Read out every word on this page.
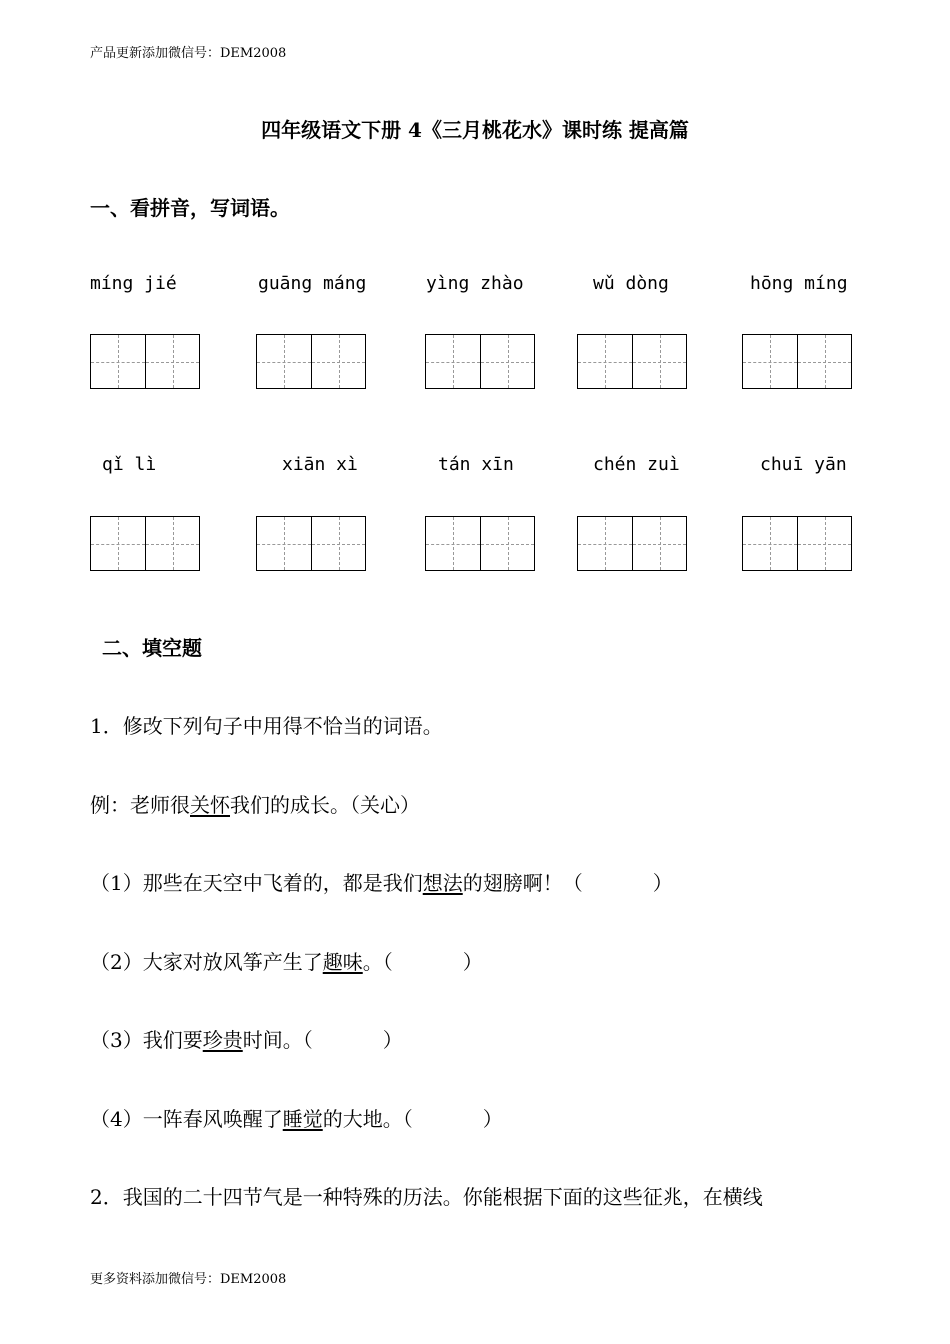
产品更新添加微信号：DEM2008
四年级语文下册 4《三月桃花水》课时练 提高篇
一、看拼音，写词语。
míng jié	guāng máng	yìng zhào	wǔ dòng	hōng míng
qǐ lì	xiān xì	tán xīn	chén zuì	chuī yān
二、填空题
1．修改下列句子中用得不恰当的词语。
例：老师很关怀我们的成长。（关心）
（1）那些在天空中飞着的，都是我们想法的翅膀啊！（	）
（2）大家对放风筝产生了趣味。（	）
（3）我们要珍贵时间。（	）
（4）一阵春风唤醒了睡觉的大地。（	）
2．我国的二十四节气是一种特殊的历法。你能根据下面的这些征兆，在横线
更多资料添加微信号：DEM2008
